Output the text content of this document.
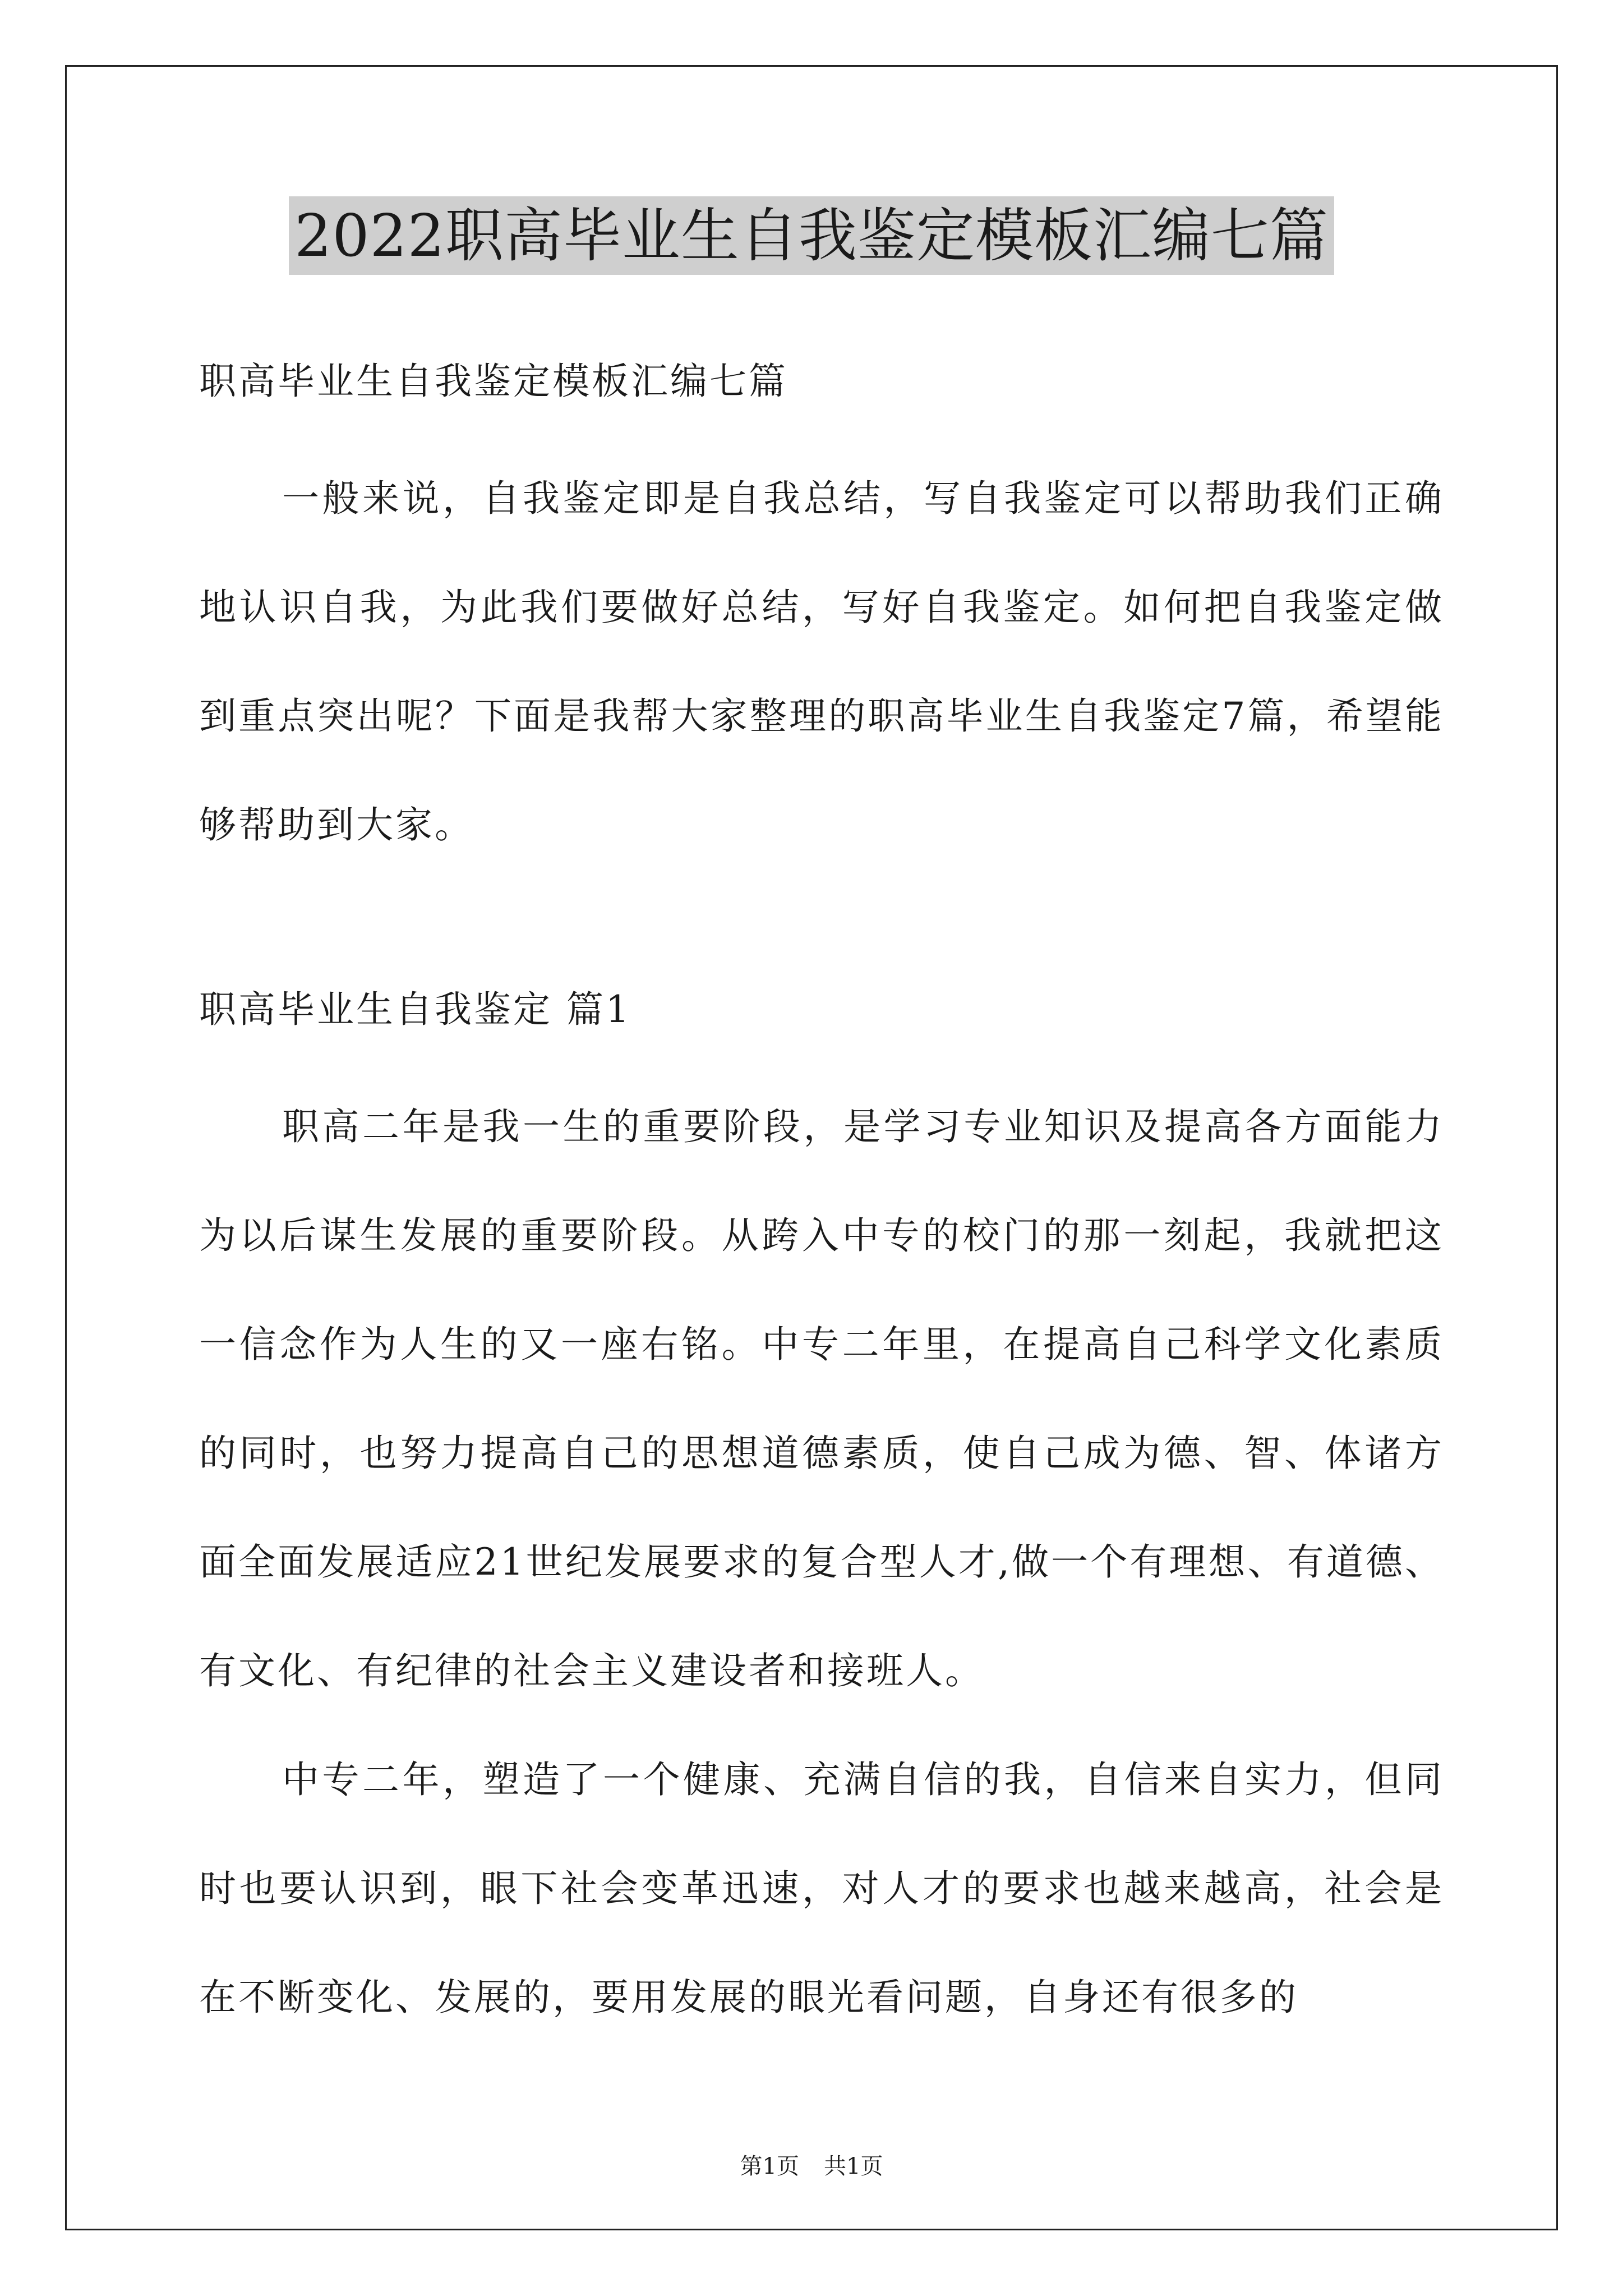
2022职高毕业生自我鉴定模板汇编七篇

职高毕业生自我鉴定模板汇编七篇

一般来说，自我鉴定即是自我总结，写自我鉴定可以帮助我们正确地认识自我，为此我们要做好总结，写好自我鉴定。如何把自我鉴定做到重点突出呢？下面是我帮大家整理的职高毕业生自我鉴定7篇，希望能够帮助到大家。

职高毕业生自我鉴定 篇1

职高二年是我一生的重要阶段，是学习专业知识及提高各方面能力为以后谋生发展的重要阶段。从跨入中专的校门的那一刻起，我就把这一信念作为人生的又一座右铭。中专二年里，在提高自己科学文化素质的同时，也努力提高自己的思想道德素质，使自己成为德、智、体诸方面全面发展适应21世纪发展要求的复合型人才,做一个有理想、有道德、有文化、有纪律的社会主义建设者和接班人。

中专二年，塑造了一个健康、充满自信的我，自信来自实力，但同时也要认识到，眼下社会变革迅速，对人才的要求也越来越高，社会是在不断变化、发展的，要用发展的眼光看问题，自身还有很多的

第1页 共1页
